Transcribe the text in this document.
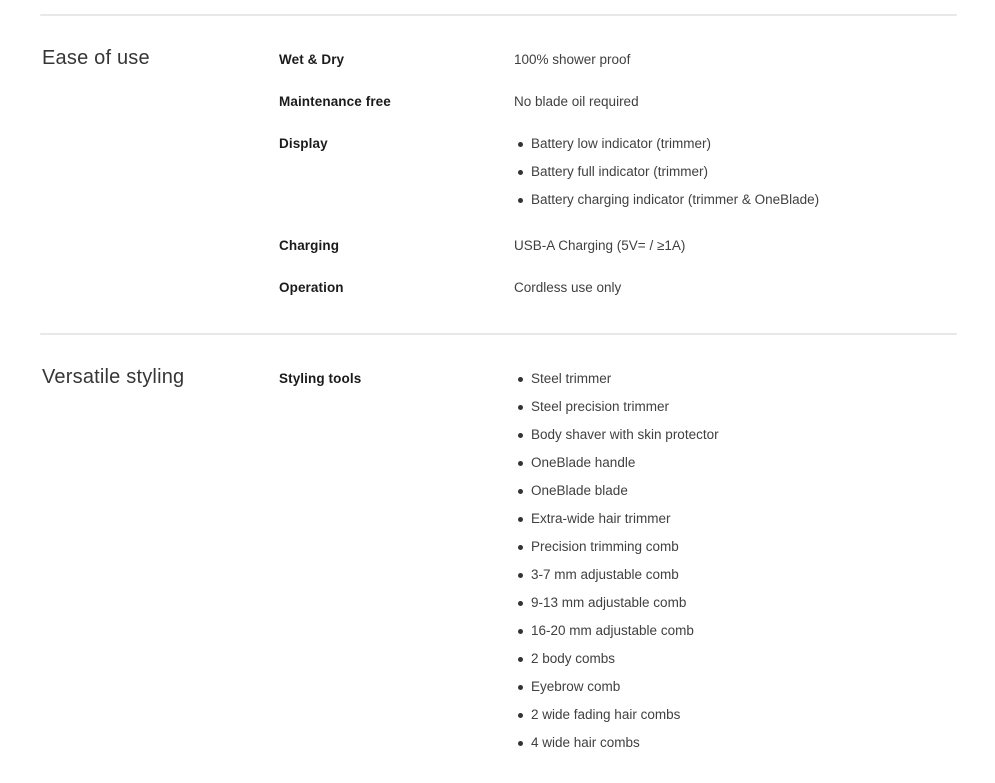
Ease of use	Wet & Dry	100% shower proof
Maintenance free	No blade oil required
Display	Battery low indicator (trimmer)
Battery full indicator (trimmer)
Battery charging indicator (trimmer & OneBlade)
Charging	USB-A Charging (5V= / ≥1A)
Operation	Cordless use only
Versatile styling	Styling tools	Steel trimmer
Steel precision trimmer
Body shaver with skin protector
OneBlade handle
OneBlade blade
Extra-wide hair trimmer
Precision trimming comb
3-7 mm adjustable comb
9-13 mm adjustable comb
16-20 mm adjustable comb
2 body combs
Eyebrow comb
2 wide fading hair combs
4 wide hair combs
